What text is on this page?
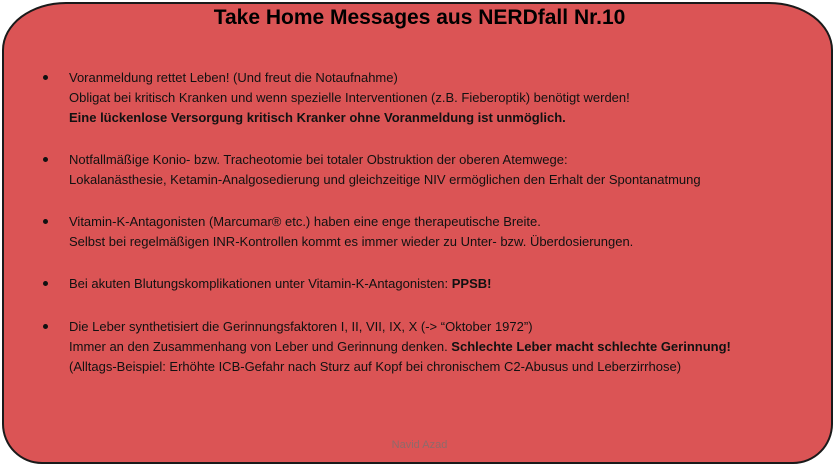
Take Home Messages aus NERDfall Nr.10
Voranmeldung rettet Leben! (Und freut die Notaufnahme)
Obligat bei kritisch Kranken und wenn spezielle Interventionen (z.B. Fieberoptik) benötigt werden!
Eine lückenlose Versorgung kritisch Kranker ohne Voranmeldung ist unmöglich.
Notfallmäßige Konio- bzw. Tracheotomie bei totaler Obstruktion der oberen Atemwege:
Lokalanästhesie, Ketamin-Analgosedierung und gleichzeitige NIV ermöglichen den Erhalt der Spontanatmung
Vitamin-K-Antagonisten (Marcumar® etc.) haben eine enge therapeutische Breite.
Selbst bei regelmäßigen INR-Kontrollen kommt es immer wieder zu Unter- bzw. Überdosierungen.
Bei akuten Blutungskomplikationen unter Vitamin-K-Antagonisten: PPSB!
Die Leber synthetisiert die Gerinnungsfaktoren I, II, VII, IX, X (-> “Oktober 1972”)
Immer an den Zusammenhang von Leber und Gerinnung denken. Schlechte Leber macht schlechte Gerinnung!
(Alltags-Beispiel: Erhöhte ICB-Gefahr nach Sturz auf Kopf bei chronischem C2-Abusus und Leberzirrhose)

Navid Azad
